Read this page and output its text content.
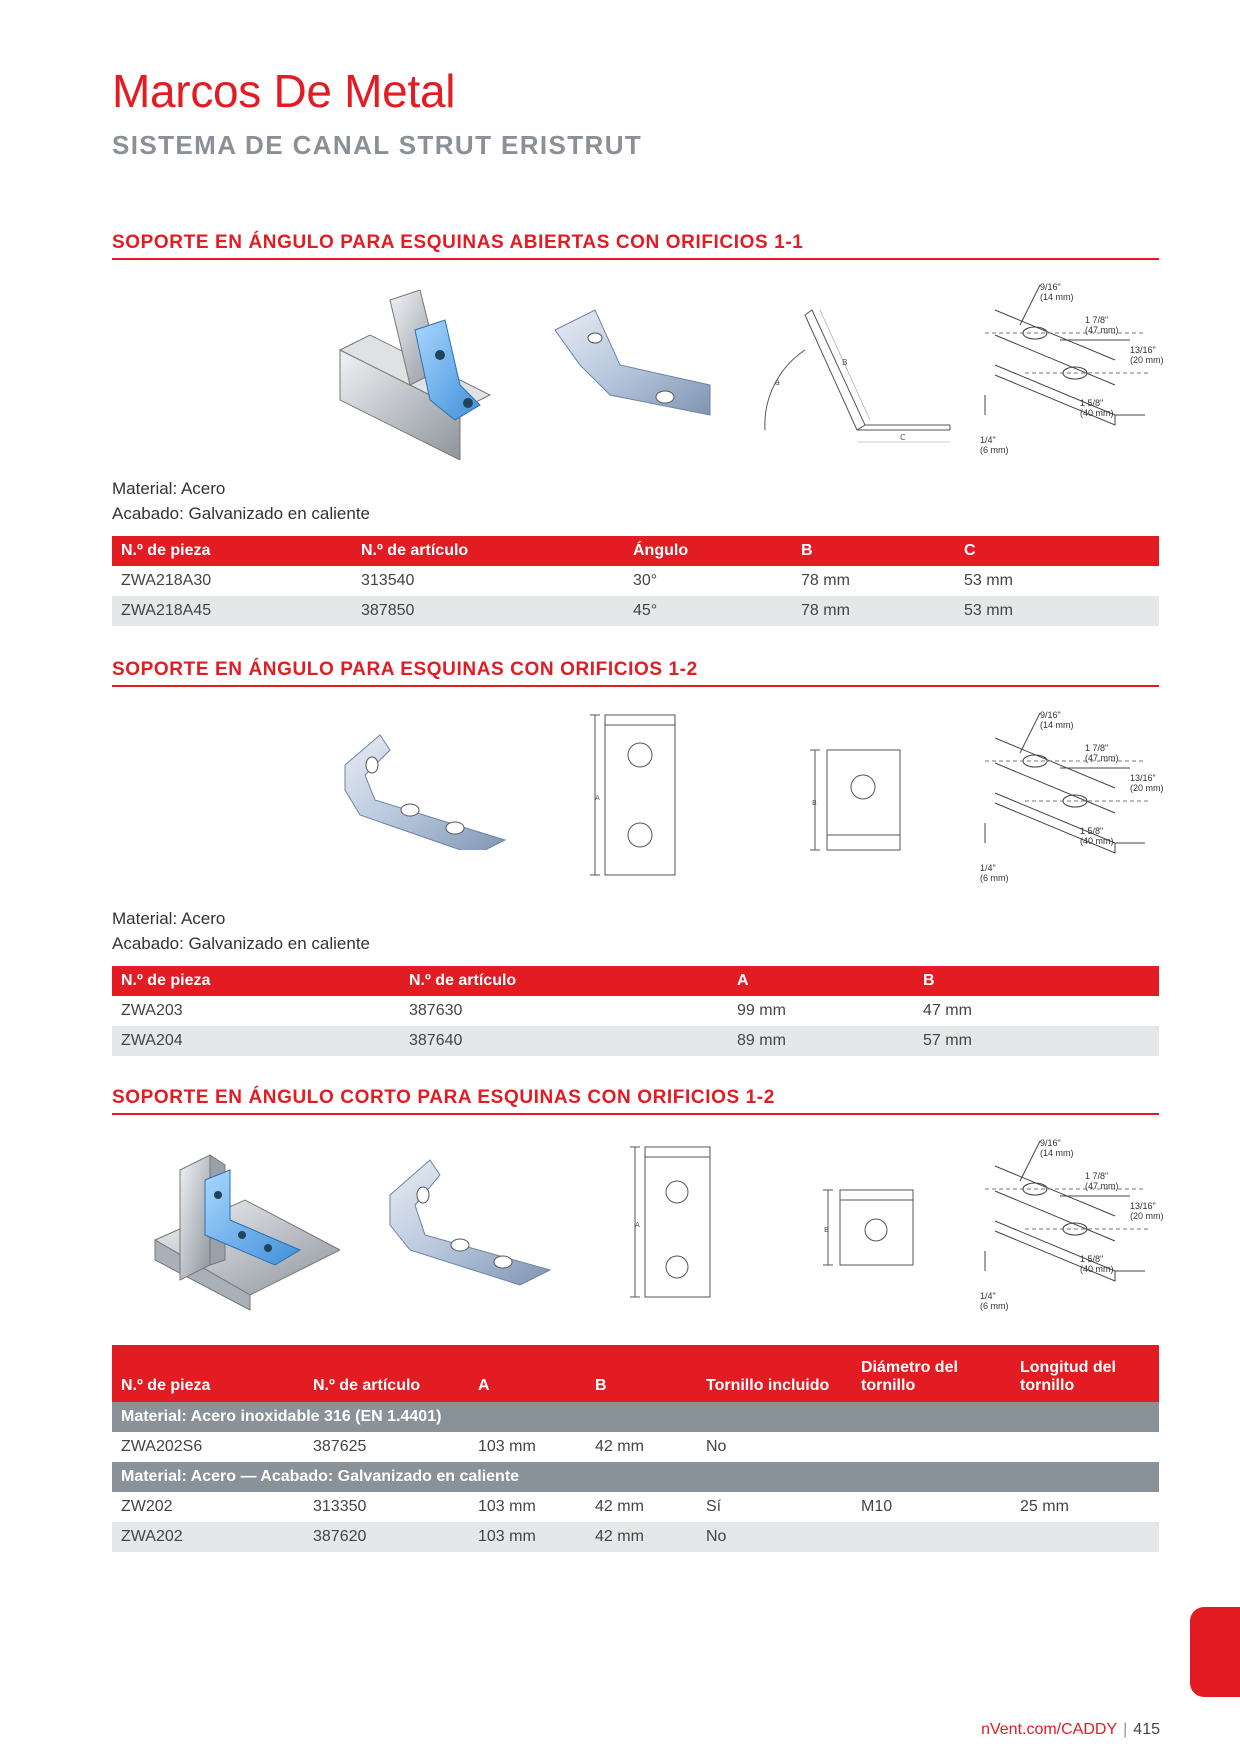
Marcos De Metal
SISTEMA DE CANAL STRUT ERISTRUT
SOPORTE EN ÁNGULO PARA ESQUINAS ABIERTAS CON ORIFICIOS 1-1
B
a
C
9/16"
(14 mm)
1 7/8"
(47 mm)
13/16"
(20 mm)
1 5/8"
(40 mm)
1/4"
(6 mm)
Material: Acero
Acabado: Galvanizado en caliente
N.º de pieza	N.º de artículo	Ángulo	B	C
ZWA218A30	313540	30°	78 mm	53 mm
ZWA218A45	387850	45°	78 mm	53 mm
SOPORTE EN ÁNGULO PARA ESQUINAS CON ORIFICIOS 1-2
A
B
9/16"
(14 mm)
1 7/8"
(47 mm)
13/16"
(20 mm)
1 5/8"
(40 mm)
1/4"
(6 mm)
Material: Acero
Acabado: Galvanizado en caliente
N.º de pieza	N.º de artículo	A	B
ZWA203	387630	99 mm	47 mm
ZWA204	387640	89 mm	57 mm
SOPORTE EN ÁNGULO CORTO PARA ESQUINAS CON ORIFICIOS 1-2
A
B
9/16"
(14 mm)
1 7/8"
(47 mm)
13/16"
(20 mm)
1 5/8"
(40 mm)
1/4"
(6 mm)
N.º de pieza	N.º de artículo	A	B	Tornillo incluido	Diámetro del tornillo	Longitud del tornillo
Material: Acero inoxidable 316 (EN 1.4401)						
ZWA202S6	387625	103 mm	42 mm	No		
Material: Acero — Acabado: Galvanizado en caliente						
ZW202	313350	103 mm	42 mm	Sí	M10	25 mm
ZWA202	387620	103 mm	42 mm	No		
nVent.com/CADDY | 415
